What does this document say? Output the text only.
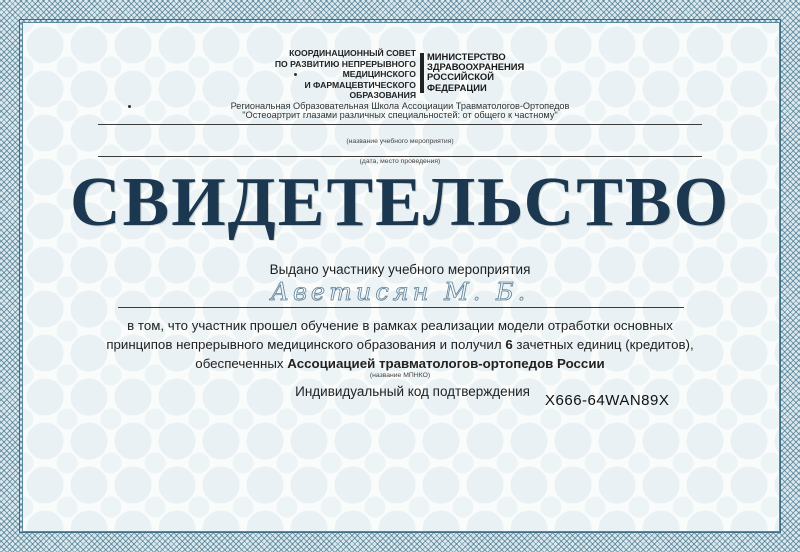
КООРДИНАЦИОННЫЙ СОВЕТ
ПО РАЗВИТИЮ НЕПРЕРЫВНОГО
МЕДИЦИНСКОГО
И ФАРМАЦЕВТИЧЕСКОГО
ОБРАЗОВАНИЯ
МИНИСТЕРСТВО
ЗДРАВООХРАНЕНИЯ
РОССИЙСКОЙ
ФЕДЕРАЦИИ
Региональная Образовательная Школа Ассоциации Травматологов-Ортопедов
"Остеоартрит глазами различных специальностей: от общего к частному"
(название учебного мероприятия)
(дата, место проведения)
СВИДЕТЕЛЬСТВО
Выдано участнику учебного мероприятия
Аветисян М. Б.
в том, что участник прошел обучение в рамках реализации модели отработки основных
принципов непрерывного медицинского образования и получил 6 зачетных единиц (кредитов),
обеспеченных Ассоциацией травматологов-ортопедов России
(название МПНКО)
Индивидуальный код подтверждения
X666-64WAN89X
